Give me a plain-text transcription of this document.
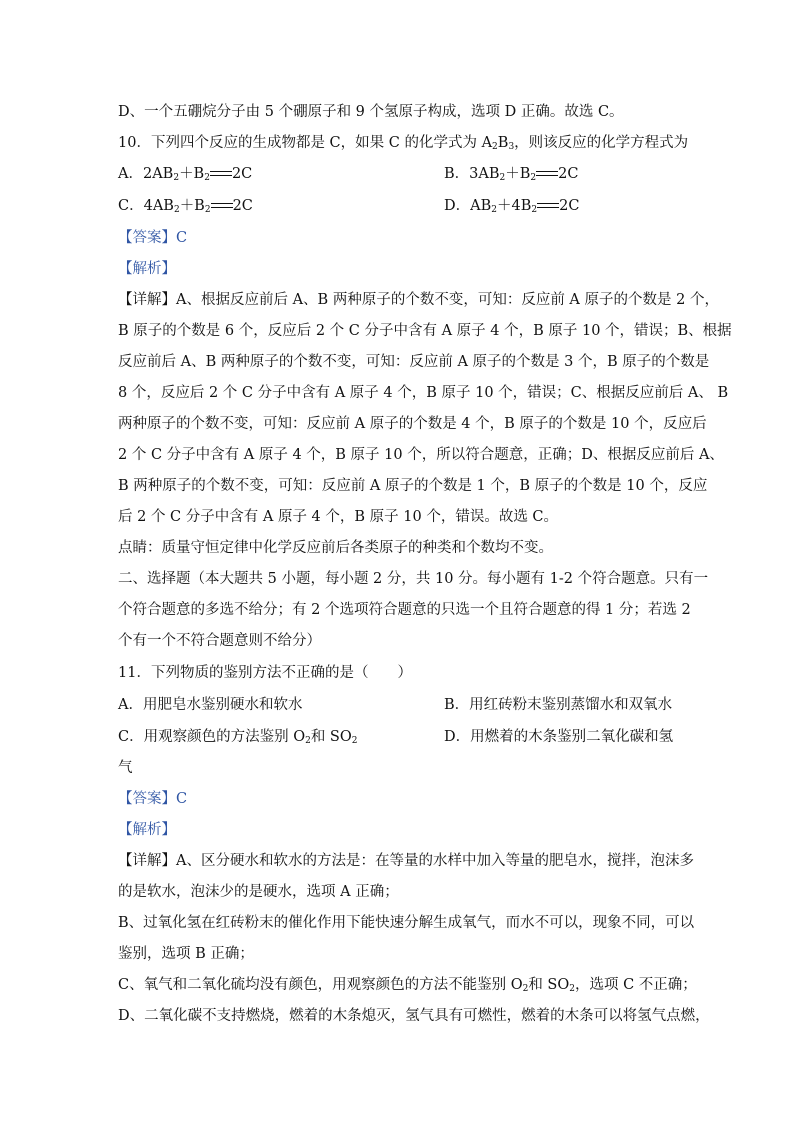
D、一个五硼烷分子由 5 个硼原子和 9 个氢原子构成，选项 D 正确。故选 C。
10．下列四个反应的生成物都是 C，如果 C 的化学式为 $A_2B_3$，则该反应的化学方程式为
A．$2AB_2+B_2$ 2C	B．$3AB_2+B_2$ 2C
C．$4AB_2+B_2$ 2C	D．$AB_2+4B_2$ 2C
【答案】C
【解析】
【详解】A、根据反应前后 A、B 两种原子的个数不变，可知：反应前 A 原子的个数是 2 个，
B 原子的个数是 6 个，反应后 2 个 C 分子中含有 A 原子 4 个，B 原子 10 个，错误；B、根据
反应前后 A、B 两种原子的个数不变，可知：反应前 A 原子的个数是 3 个，B 原子的个数是
8 个，反应后 2 个 C 分子中含有 A 原子 4 个，B 原子 10 个，错误；C、根据反应前后 A、 B
两种原子的个数不变，可知：反应前 A 原子的个数是 4 个，B 原子的个数是 10 个，反应后
2 个 C 分子中含有 A 原子 4 个，B 原子 10 个，所以符合题意，正确；D、根据反应前后 A、
B 两种原子的个数不变，可知：反应前 A 原子的个数是 1 个，B 原子的个数是 10 个，反应
后 2 个 C 分子中含有 A 原子 4 个，B 原子 10 个，错误。故选 C。
点睛：质量守恒定律中化学反应前后各类原子的种类和个数均不变。
二、选择题（本大题共 5 小题，每小题 2 分，共 10 分。每小题有 1-2 个符合题意。只有一
个符合题意的多选不给分；有 2 个选项符合题意的只选一个且符合题意的得 1 分；若选 2
个有一个不符合题意则不给分）
11．下列物质的鉴别方法不正确的是（　　）
A．用肥皂水鉴别硬水和软水	B．用红砖粉末鉴别蒸馏水和双氧水
C．用观察颜色的方法鉴别 $O_2$和 $SO_2$	D．用燃着的木条鉴别二氧化碳和氢
气
【答案】C
【解析】
【详解】A、区分硬水和软水的方法是：在等量的水样中加入等量的肥皂水，搅拌，泡沫多
的是软水，泡沫少的是硬水，选项 A 正确；
B、过氧化氢在红砖粉末的催化作用下能快速分解生成氧气，而水不可以，现象不同，可以
鉴别，选项 B 正确；
C、氧气和二氧化硫均没有颜色，用观察颜色的方法不能鉴别 $O_2$和 $SO_2$，选项 C 不正确；
D、二氧化碳不支持燃烧，燃着的木条熄灭，氢气具有可燃性，燃着的木条可以将氢气点燃，
